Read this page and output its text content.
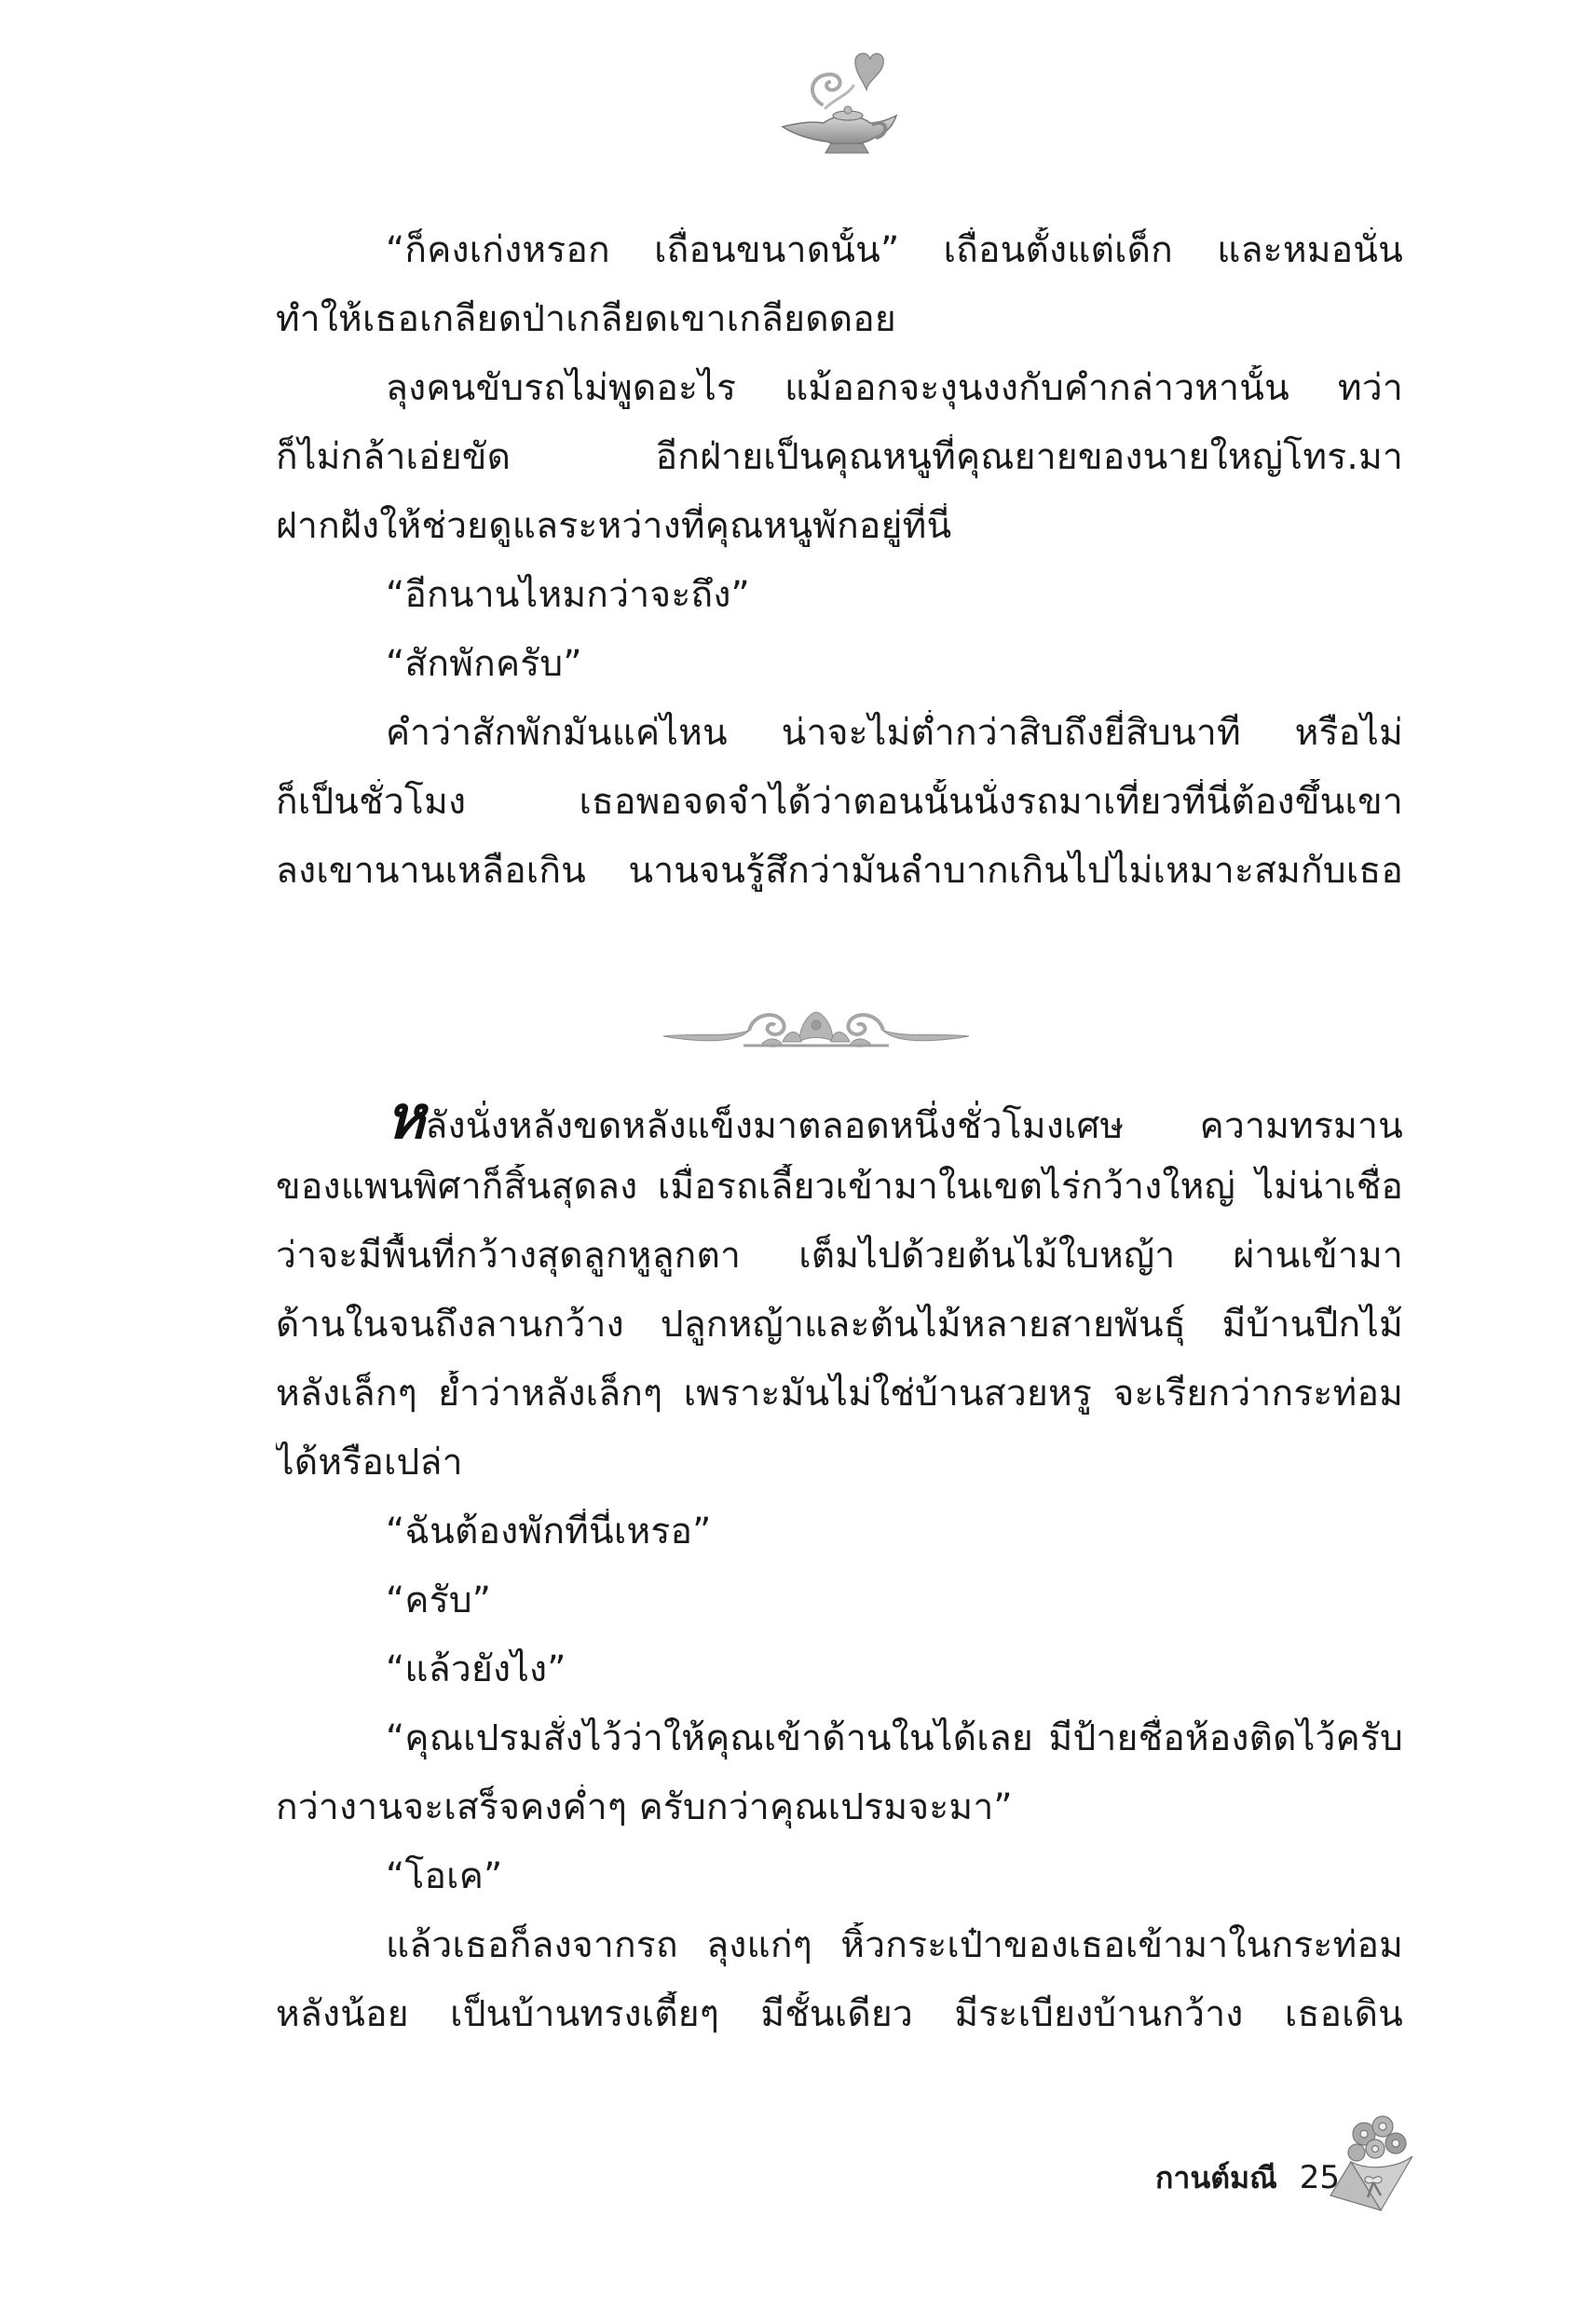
“ก็คงเก่งหรอก เถื่อนขนาดนั้น” เถื่อนตั้งแต่เด็ก และหมอนั่น
ทำให้เธอเกลียดป่าเกลียดเขาเกลียดดอย
ลุงคนขับรถไม่พูดอะไร แม้ออกจะงุนงงกับคำกล่าวหานั้น ทว่า
ก็ไม่กล้าเอ่ยขัด อีกฝ่ายเป็นคุณหนูที่คุณยายของนายใหญ่โทร.มา
ฝากฝังให้ช่วยดูแลระหว่างที่คุณหนูพักอยู่ที่นี่
“อีกนานไหมกว่าจะถึง”
“สักพักครับ”
คำว่าสักพักมันแค่ไหน น่าจะไม่ต่ำกว่าสิบถึงยี่สิบนาที หรือไม่
ก็เป็นชั่วโมง เธอพอจดจำได้ว่าตอนนั้นนั่งรถมาเที่ยวที่นี่ต้องขึ้นเขา
ลงเขานานเหลือเกิน นานจนรู้สึกว่ามันลำบากเกินไปไม่เหมาะสมกับเธอ
หลังนั่งหลังขดหลังแข็งมาตลอดหนึ่งชั่วโมงเศษ ความทรมาน
ของแพนพิศาก็สิ้นสุดลง เมื่อรถเลี้ยวเข้ามาในเขตไร่กว้างใหญ่ ไม่น่าเชื่อ
ว่าจะมีพื้นที่กว้างสุดลูกหูลูกตา เต็มไปด้วยต้นไม้ใบหญ้า ผ่านเข้ามา
ด้านในจนถึงลานกว้าง ปลูกหญ้าและต้นไม้หลายสายพันธุ์ มีบ้านปีกไม้
หลังเล็กๆ ย้ำว่าหลังเล็กๆ เพราะมันไม่ใช่บ้านสวยหรู จะเรียกว่ากระท่อม
ได้หรือเปล่า
“ฉันต้องพักที่นี่เหรอ”
“ครับ”
“แล้วยังไง”
“คุณเปรมสั่งไว้ว่าให้คุณเข้าด้านในได้เลย มีป้ายชื่อห้องติดไว้ครับ
กว่างานจะเสร็จคงค่ำๆ ครับกว่าคุณเปรมจะมา”
“โอเค”
แล้วเธอก็ลงจากรถ ลุงแก่ๆ หิ้วกระเป๋าของเธอเข้ามาในกระท่อม
หลังน้อย เป็นบ้านทรงเตี้ยๆ มีชั้นเดียว มีระเบียงบ้านกว้าง เธอเดิน
กานต์มณี 25
